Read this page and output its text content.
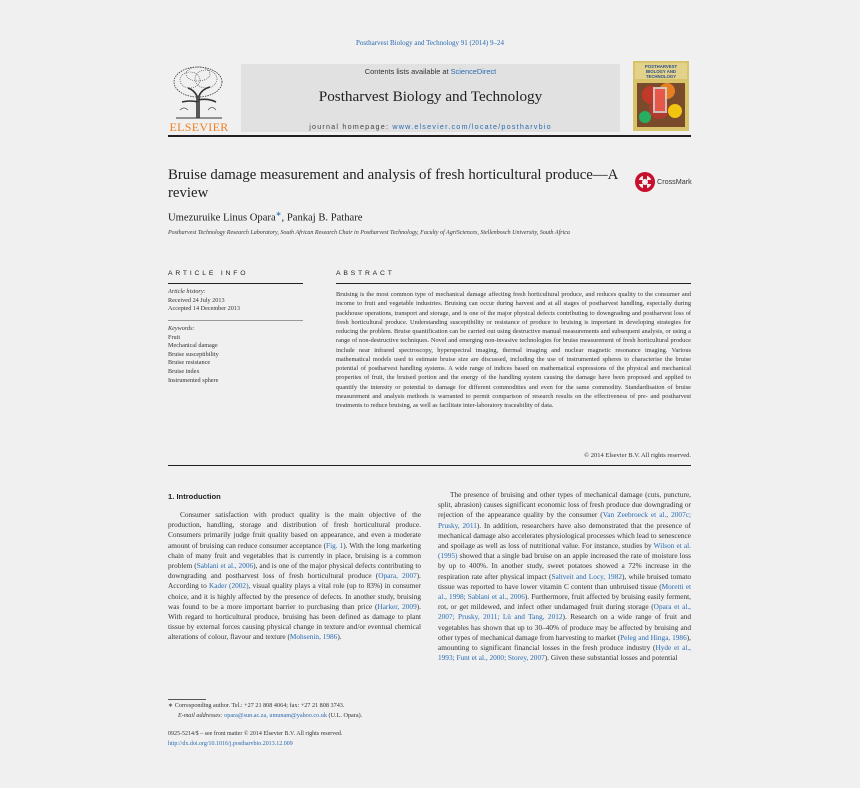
Postharvest Biology and Technology 91 (2014) 9–24
ELSEVIER
Contents lists available at ScienceDirect
Postharvest Biology and Technology
journal homepage: www.elsevier.com/locate/postharvbio
POSTHARVEST BIOLOGY AND TECHNOLOGY
Bruise damage measurement and analysis of fresh horticultural produce—A review
CrossMark
Umezuruike Linus Opara∗, Pankaj B. Pathare
Postharvest Technology Research Laboratory, South African Research Chair in Postharvest Technology, Faculty of AgriSciences, Stellenbosch University, South Africa
ARTICLE INFO
Article history:
Received 24 July 2013
Accepted 14 December 2013
Keywords:
Fruit
Mechanical damage
Bruise susceptibility
Bruise resistance
Bruise index
Instrumented sphere
ABSTRACT
Bruising is the most common type of mechanical damage affecting fresh horticultural produce, and reduces quality to the consumer and income to fruit and vegetable industries. Bruising can occur during harvest and at all stages of postharvest handling, especially during packhouse operations, transport and storage, and is one of the major physical defects contributing to downgrading and postharvest loss of fresh horticultural produce. Understanding susceptibility or resistance of produce to bruising is important in developing strategies for reducing the problem. Bruise quantification can be carried out using destructive manual measurements and subsequent analysis, or using a range of non-destructive techniques. Novel and emerging non-invasive technologies for bruise measurement of fresh horticultural produce include near infrared spectroscopy, hyperspectral imaging, thermal imaging and nuclear magnetic resonance imaging. Various mathematical models used to estimate bruise size are discussed, including the use of instrumented spheres to characterise the bruise potential of postharvest handling systems. A wide range of indices based on mathematical expressions of the physical and mechanical properties of fruit, the bruised portion and the energy of the handling system causing the damage have been proposed and applied to quantify the intensity or potential to damage for different commodities and even for the same commodity. Standardisation of bruise measurement and analysis methods is warranted to permit comparison of research results on the effectiveness of pre- and postharvest treatments to reduce bruising, as well as facilitate inter-laboratory traceability of data.
© 2014 Elsevier B.V. All rights reserved.
1. Introduction

Consumer satisfaction with product quality is the main objective of the production, handling, storage and distribution of fresh horticultural produce. Consumers primarily judge fruit quality based on appearance, and even a moderate amount of bruising can reduce consumer acceptance (Fig. 1). With the long marketing chain of many fruit and vegetables that is currently in place, bruising is a common problem (Sablani et al., 2006), and is one of the major physical defects contributing to downgrading and postharvest loss of fresh horticultural produce (Opara, 2007). According to Kader (2002), visual quality plays a vital role (up to 83%) in consumer choice, and it is highly affected by the presence of defects. In another study, bruising was found to be a more important barrier to purchasing than price (Harker, 2009). With regard to horticultural produce, bruising has been defined as damage to plant tissue by external forces causing physical change in texture and/or eventual chemical alterations of colour, flavour and texture (Mohsenin, 1986).

The presence of bruising and other types of mechanical damage (cuts, puncture, split, abrasion) causes significant economic loss of fresh produce due downgrading or rejection of the appearance quality by the consumer (Van Zeebroeck et al., 2007c; Prusky, 2011). In addition, researchers have also demonstrated that the presence of mechanical damage also accelerates physiological processes which lead to senescence and spoilage as well as loss of nutritional value. For instance, studies by Wilson et al. (1995) showed that a single bad bruise on an apple increased the rate of moisture loss by up to 400%. In another study, sweet potatoes showed a 72% increase in the respiration rate after physical impact (Saltveit and Locy, 1982), while bruised tomato tissue was reported to have lower vitamin C content than unbruised tissue (Moretti et al., 1998; Sablani et al., 2006). Furthermore, fruit affected by bruising easily ferment, rot, or get mildewed, and infect other undamaged fruit during storage (Opara et al., 2007; Prusky, 2011; Lü and Tang, 2012). Research on a wide range of fruit and vegetables has shown that up to 30–40% of produce may be affected by bruising and other types of mechanical damage from harvesting to market (Peleg and Hinga, 1986), amounting to significant financial losses in the fresh produce industry (Hyde et al., 1993; Funt et al., 2000; Storey, 2007). Given these substantial losses and potential

∗ Corresponding author. Tel.: +27 21 808 4064; fax: +27 21 808 3743.
E-mail addresses: opara@sun.ac.za, umunam@yahoo.co.uk (U.L. Opara).
0925-5214/$ – see front matter © 2014 Elsevier B.V. All rights reserved.
http://dx.doi.org/10.1016/j.postharvbio.2013.12.009
